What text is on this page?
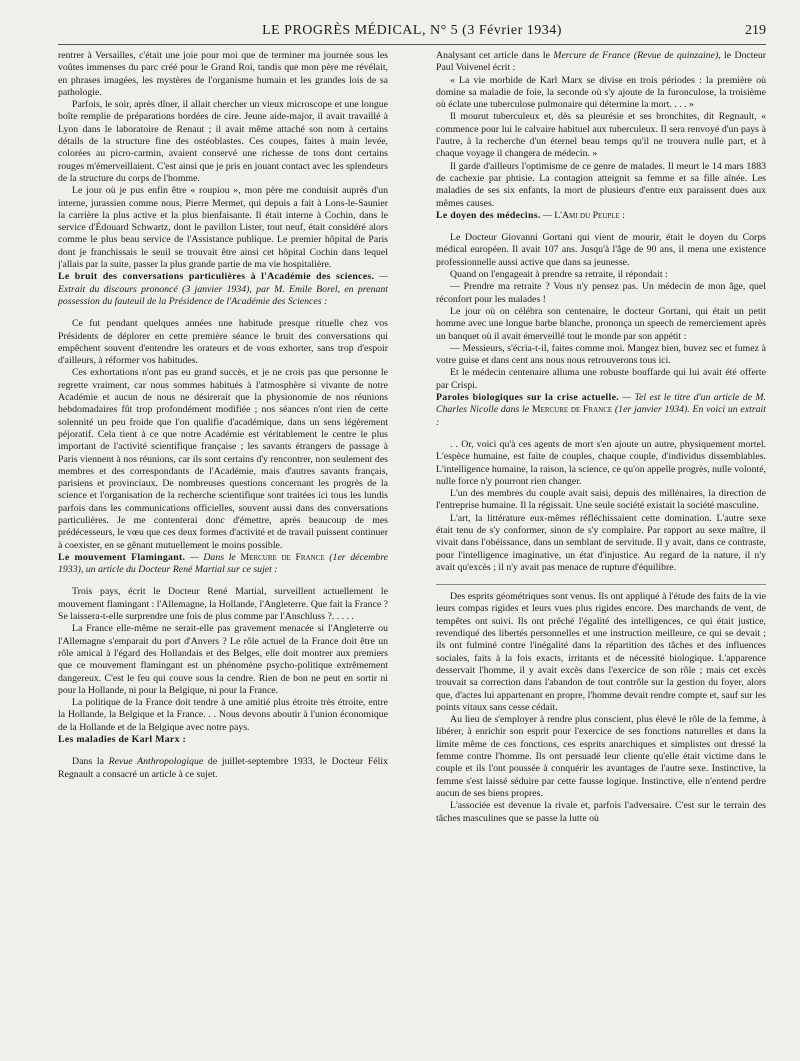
LE PROGRÈS MÉDICAL, N° 5 (3 Février 1934)	219

rentrer à Versailles, c'était une joie pour moi que de terminer ma journée sous les voûtes immenses du parc créé pour le Grand Roi, tandis que mon père me révélait, en phrases imagées, les mystères de l'organisme humain et les grandes lois de sa pathologie.

Parfois, le soir, après dîner, il allait chercher un vieux microscope et une longue boîte remplie de préparations bordées de cire. Jeune aide-major, il avait travaillé à Lyon dans le laboratoire de Renaut ; il avait même attaché son nom à certains détails de la structure fine des ostéoblastes. Ces coupes, faites à main levée, colorées au picro-carmin, avaient conservé une richesse de tons dont certains rouges m'émerveillaient. C'est ainsi que je pris en jouant contact avec les splendeurs de la structure du corps de l'homme.

Le jour où je pus enfin être « roupiou », mon père me conduisit auprès d'un interne, jurassien comme nous, Pierre Mermet, qui depuis a fait à Lons-le-Saunier la carrière la plus active et la plus bienfaisante. Il était interne à Cochin, dans le service d'Édouard Schwartz, dont le pavillon Lister, tout neuf, était considéré alors comme le plus beau service de l'Assistance publique. Le premier hôpital de Paris dont je franchissais le seuil se trouvait être ainsi cet hôpital Cochin dans lequel j'allais par la suite, passer la plus grande partie de ma vie hospitalière.

Le bruit des conversations particulières à l'Académie des sciences. — Extrait du discours prononcé (3 janvier 1934), par M. Emile Borel, en prenant possession du fauteuil de la Présidence de l'Académie des Sciences :

Ce fut pendant quelques années une habitude presque rituelle chez vos Présidents de déplorer en cette première séance le bruit des conversations qui empêchent souvent d'entendre les orateurs et de vous exhorter, sans trop d'espoir d'ailleurs, à réformer vos habitudes.

Ces exhortations n'ont pas eu grand succès, et je ne crois pas que personne le regrette vraiment, car nous sommes habitués à l'atmosphère si vivante de notre Académie et aucun de nous ne désirerait que la physionomie de nos réunions hebdomadaires fût trop profondément modifiée ; nos séances n'ont rien de cette solennité un peu froide que l'on qualifie d'académique, dans un sens légèrement péjoratif. Cela tient à ce que notre Académie est véritablement le centre le plus important de l'activité scientifique française ; les savants étrangers de passage à Paris viennent à nos réunions, car ils sont certains d'y rencontrer, non seulement des membres et des correspondants de l'Académie, mais d'autres savants français, parisiens et provinciaux. De nombreuses questions concernant les progrès de la science et l'organisation de la recherche scientifique sont traitées ici tous les lundis parfois dans les communications officielles, souvent aussi dans des conversations particulières. Je me contenterai donc d'émettre, après beaucoup de mes prédécesseurs, le vœu que ces deux formes d'activité et de travail puissent continuer à coexister, en se gênant mutuellement le moins possible.

Le mouvement Flamingant. — Dans le Mercure de France (1er décembre 1933), un article du Docteur René Martial sur ce sujet :

Trois pays, écrit le Docteur René Martial, surveillent actuellement le mouvement flamingant : l'Allemagne, la Hollande, l'Angleterre. Que fait la France ? Se laissera-t-elle surprendre une fois de plus comme par l'Anschluss ?. . . . .

La France elle-même ne serait-elle pas gravement menacée si l'Angleterre ou l'Allemagne s'emparait du port d'Anvers ? Le rôle actuel de la France doit être un rôle amical à l'égard des Hollandais et des Belges, elle doit montrer aux premiers que ce mouvement flamingant est un phénomène psycho-politique extrêmement dangereux. C'est le feu qui couve sous la cendre. Rien de bon ne peut en sortir ni pour la Hollande, ni pour la Belgique, ni pour la France.

La politique de la France doit tendre à une amitié plus étroite très étroite, entre la Hollande, la Belgique et la France. . . Nous devons aboutir à l'union économique de la Hollande et de la Belgique avec notre pays.

Les maladies de Karl Marx :

Dans la Revue Anthropologique de juillet-septembre 1933, le Docteur Félix Regnault a consacré un article à ce sujet.

Analysant cet article dans le Mercure de France (Revue de quinzaine), le Docteur Paul Voivenel écrit :

« La vie morbide de Karl Marx se divise en trois périodes : la première où domine sa maladie de foie, la seconde où s'y ajoute de la furonculose, la troisième où éclate une tuberculose pulmonaire qui détermine la mort. . . . »

Il mourut tuberculeux et, dès sa pleurésie et ses bronchites, dit Regnault, « commence pour lui le calvaire habituel aux tuberculeux. Il sera renvoyé d'un pays à l'autre, à la recherche d'un éternel beau temps qu'il ne trouvera nulle part, et à chaque voyage il changera de médecin. »

Il garde d'ailleurs l'optimisme de ce genre de malades. Il meurt le 14 mars 1883 de cachexie par phtisie. La contagion atteignit sa femme et sa fille aînée. Les maladies de ses six enfants, la mort de plusieurs d'entre eux paraissent dues aux mêmes causes.

Le doyen des médecins. — L'Ami du Peuple :

Le Docteur Giovanni Gortani qui vient de mourir, était le doyen du Corps médical européen. Il avait 107 ans. Jusqu'à l'âge de 90 ans, il mena une existence professionnelle aussi active que dans sa jeunesse.

Quand on l'engageait à prendre sa retraite, il répondait :

— Prendre ma retraite ? Vous n'y pensez pas. Un médecin de mon âge, quel réconfort pour les malades !

Le jour où on célébra son centenaire, le docteur Gortani, qui était un petit homme avec une longue barbe blanche, prononça un speech de remerciement après un banquet où il avait émerveillé tout le monde par son appétit :

— Messieurs, s'écria-t-il, faites comme moi. Mangez bien, buvez sec et fumez à votre guise et dans cent ans nous nous retrouverons tous ici.

Et le médecin centenaire alluma une robuste bouffarde qui lui avait été offerte par Crispi.

Paroles biologiques sur la crise actuelle. — Tel est le titre d'un article de M. Charles Nicolle dans le Mercure de France (1er janvier 1934). En voici un extrait :

. . Or, voici qu'à ces agents de mort s'en ajoute un autre, physiquement mortel. L'espèce humaine, est faite de couples, chaque couple, d'individus dissemblables. L'intelligence humaine, la raison, la science, ce qu'on appelle progrès, nulle volonté, nulle force n'y pourront rien changer.

L'un des membres du couple avait saisi, depuis des millénaires, la direction de l'entreprise humaine. Il la régissait. Une seule société existait la société masculine.

L'art, la littérature eux-mêmes réfléchissaient cette domination. L'autre sexe était tenu de s'y conformer, sinon de s'y complaire. Par rapport au sexe maître, il vivait dans l'obéissance, dans un semblant de servitude. Il y avait, dans ce contraste, pour l'intelligence imaginative, un état d'injustice. Au regard de la nature, il n'y avait qu'excès ; il n'y avait pas menace de rupture d'équilibre.

Des esprits géométriques sont venus. Ils ont appliqué à l'étude des faits de la vie leurs compas rigides et leurs vues plus rigides encore. Des marchands de vent, de tempêtes ont suivi. Ils ont prêché l'égalité des intelligences, ce qui était justice, revendiqué des libertés personnelles et une instruction meilleure, ce qui se devait ; ils ont fulminé contre l'inégalité dans la répartition des tâches et des influences sociales, faits à la fois exacts, irritants et de nécessité biologique. L'apparence desservait l'homme, il y avait excès dans l'exercice de son rôle ; mais cet excès trouvait sa correction dans l'abandon de tout contrôle sur la gestion du foyer, alors que, d'actes lui appartenant en propre, l'homme devait rendre compte et, sauf sur les points vitaux sans cesse cédait.

Au lieu de s'employer à rendre plus conscient, plus élevé le rôle de la femme, à libérer, à enrichir son esprit pour l'exercice de ses fonctions naturelles et dans la limite même de ces fonctions, ces esprits anarchiques et simplistes ont dressé la femme contre l'homme. Ils ont persuadé leur cliente qu'elle était victime dans le couple et ils l'ont poussée à conquérir les avantages de l'autre sexe. Instinctive, la femme s'est laissé séduire par cette fausse logique. Instinctive, elle n'entend perdre aucun de ses biens propres.

L'associée est devenue la rivale et, parfois l'adversaire. C'est sur le terrain des tâches masculines que se passe la lutte où
